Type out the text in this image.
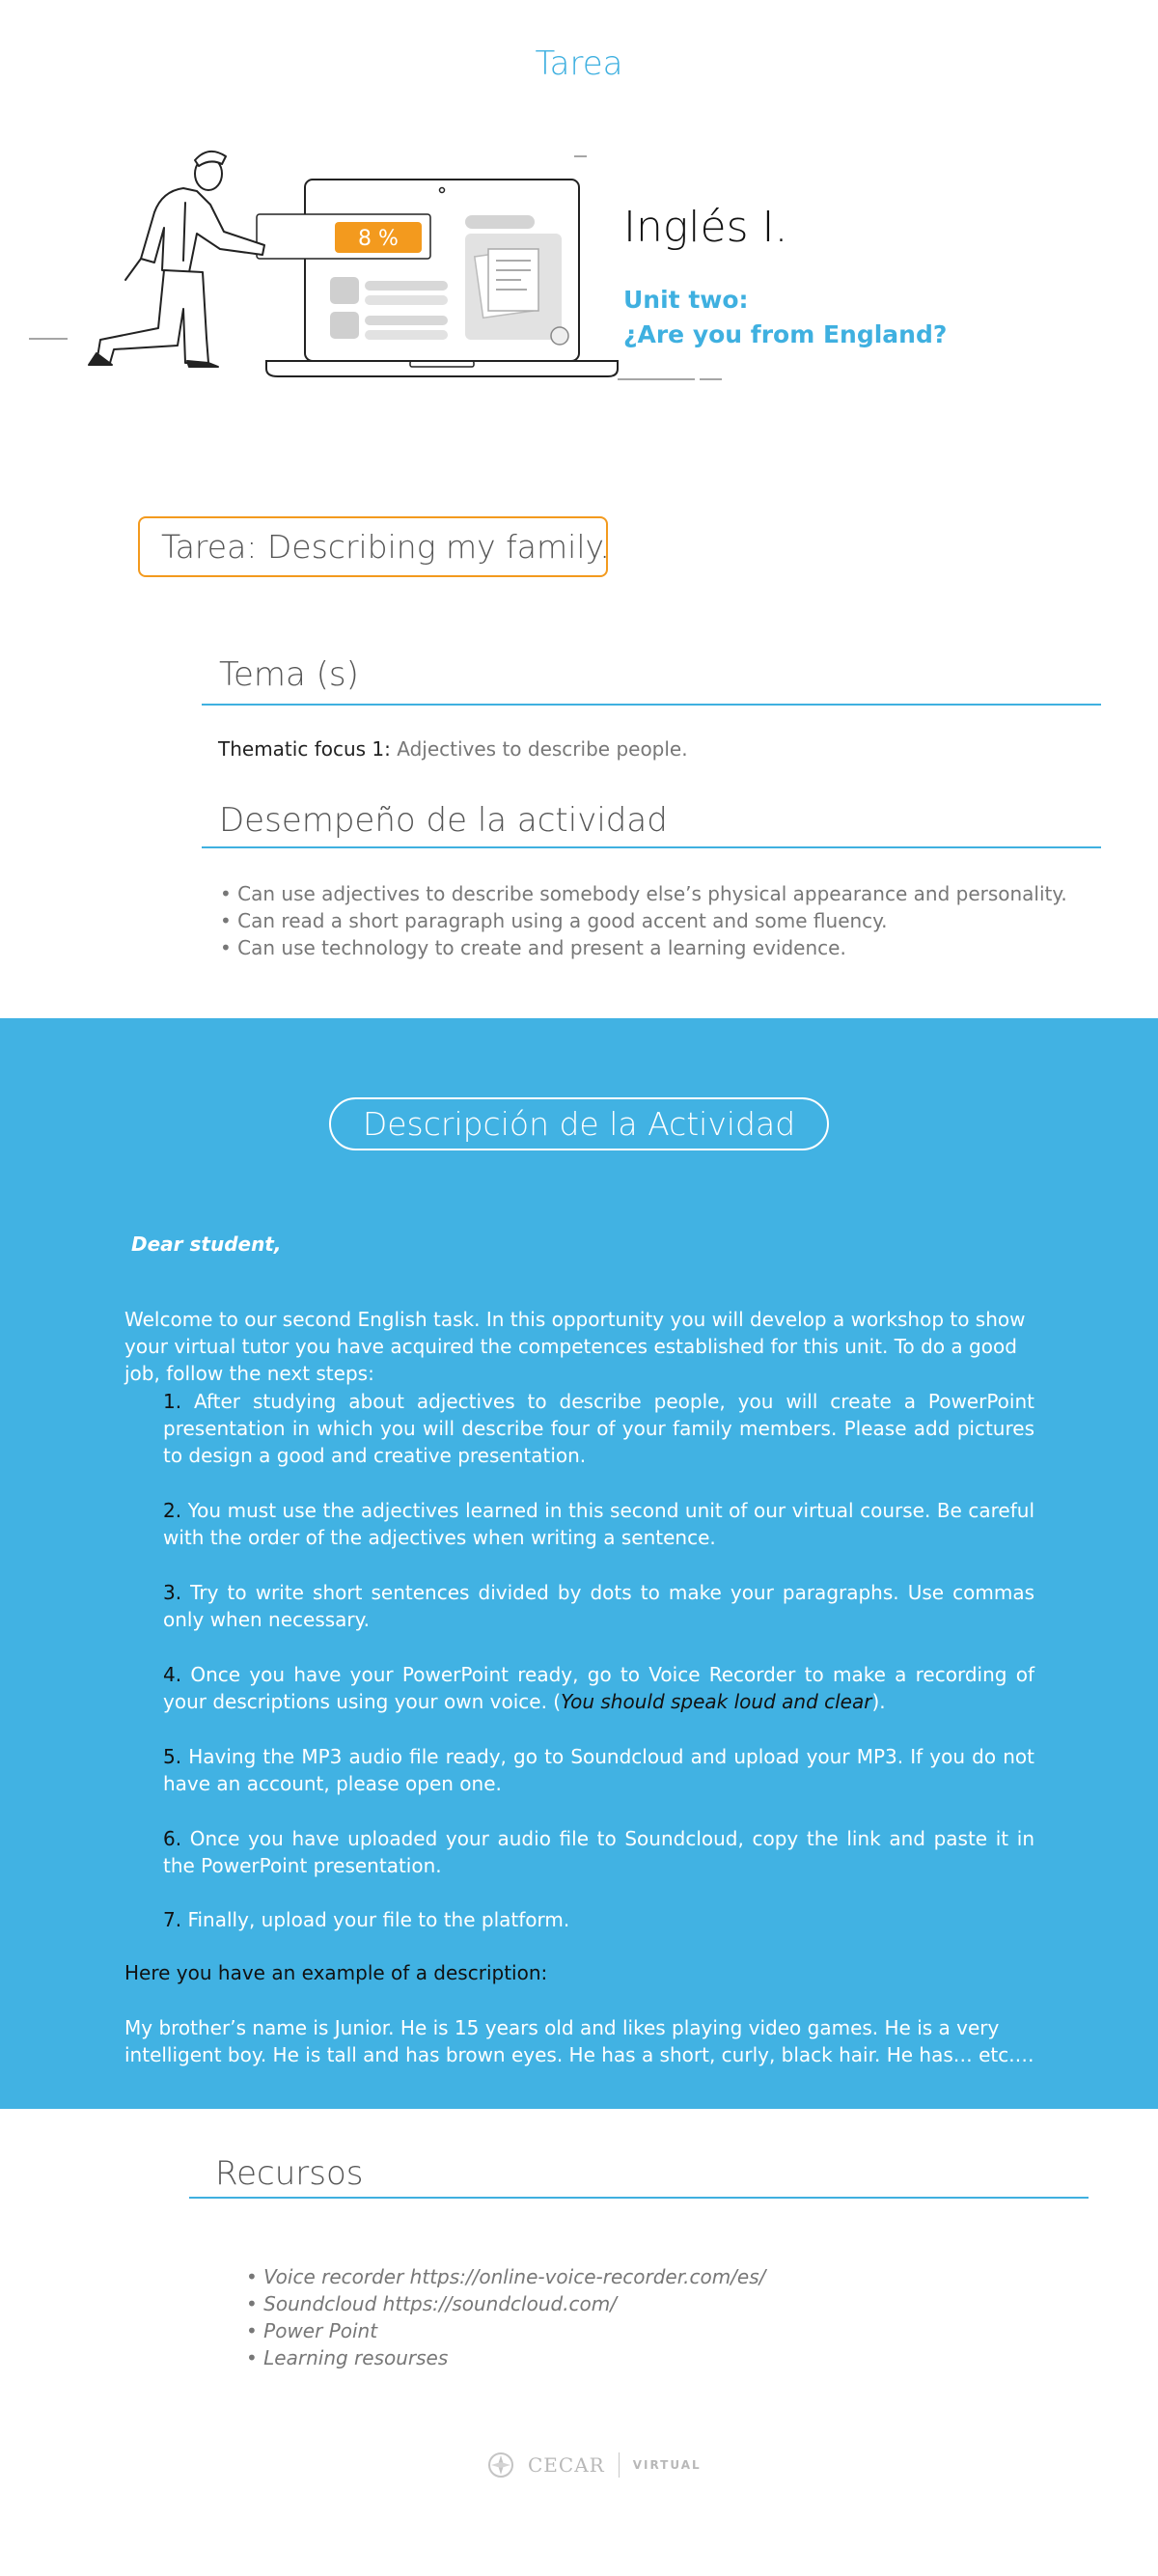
Tarea
8 %	Inglés I.
Unit two:
¿Are you from England?
Tarea: Describing my family.
Tema (s)
Thematic focus 1: Adjectives to describe people.
Desempeño de la actividad
• Can use adjectives to describe somebody else’s physical appearance and personality.
• Can read a short paragraph using a good accent and some fluency.
• Can use technology to create and present a learning evidence.
Descripción de la Actividad
Dear student,
Welcome to our second English task. In this opportunity you will develop a workshop to show your virtual tutor you have acquired the competences established for this unit. To do a good job, follow the next steps:
1. After studying about adjectives to describe people, you will create a PowerPoint presentation in which you will describe four of your family members. Please add pictures to design a good and creative presentation.
2. You must use the adjectives learned in this second unit of our virtual course. Be careful with the order of the adjectives when writing a sentence.
3. Try to write short sentences divided by dots to make your paragraphs. Use commas only when necessary.
4. Once you have your PowerPoint ready, go to Voice Recorder to make a recording of your descriptions using your own voice. (You should speak loud and clear).
5. Having the MP3 audio file ready, go to Soundcloud and upload your MP3. If you do not have an account, please open one.
6. Once you have uploaded your audio file to Soundcloud, copy the link and paste it in the PowerPoint presentation.
7. Finally, upload your file to the platform.
Here you have an example of a description:
My brother’s name is Junior. He is 15 years old and likes playing video games. He is a very intelligent boy. He is tall and has brown eyes. He has a short, curly, black hair. He has… etc.…
Recursos
• Voice recorder https://online-voice-recorder.com/es/
• Soundcloud https://soundcloud.com/
• Power Point
• Learning resourses
CECAR VIRTUAL
